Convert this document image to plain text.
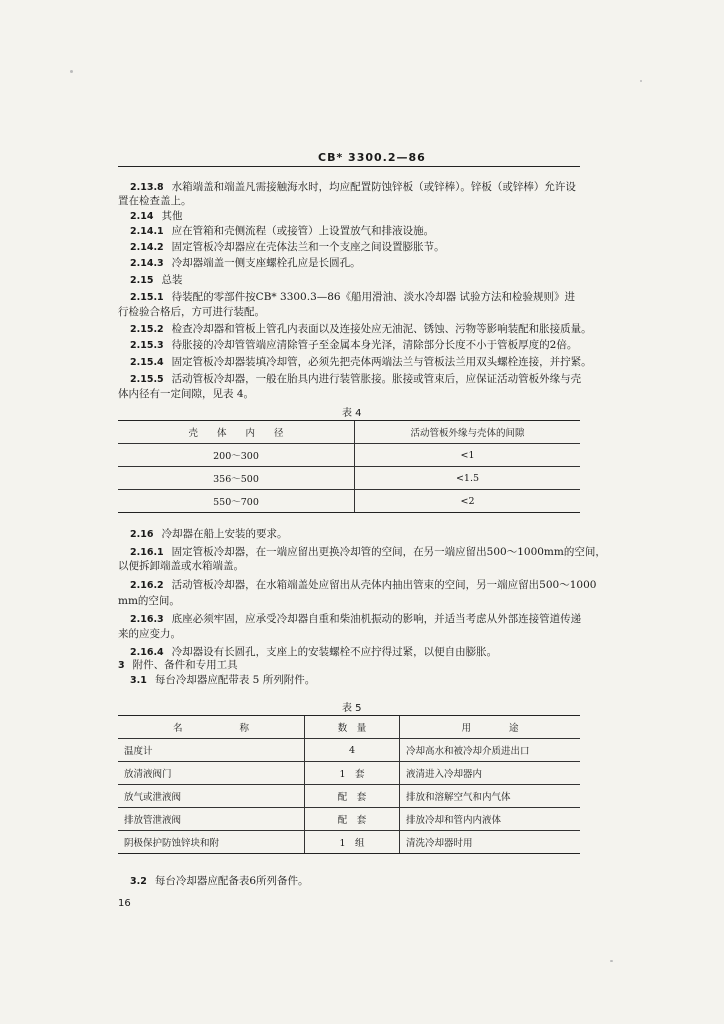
CB* 3300.2—86
2.13.8 水箱端盖和端盖凡需接触海水时，均应配置防蚀锌板（或锌棒）。锌板（或锌棒）允许设
置在检查盖上。
2.14 其他
2.14.1 应在管箱和壳侧流程（或接管）上设置放气和排液设施。
2.14.2 固定管板冷却器应在壳体法兰和一个支座之间设置膨胀节。
2.14.3 冷却器端盖一侧支座螺栓孔应是长圆孔。
2.15 总装
2.15.1 待装配的零部件按CB* 3300.3—86《船用滑油、淡水冷却器 试验方法和检验规则》进
行检验合格后，方可进行装配。
2.15.2 检查冷却器和管板上管孔内表面以及连接处应无油泥、锈蚀、污物等影响装配和胀接质量。
2.15.3 待胀接的冷却管管端应清除管子至金属本身光泽，清除部分长度不小于管板厚度的2倍。
2.15.4 固定管板冷却器装填冷却管，必须先把壳体两端法兰与管板法兰用双头螺栓连接，并拧紧。
2.15.5 活动管板冷却器，一般在胎具内进行装管胀接。胀接或管束后，应保证活动管板外缘与壳
体内径有一定间隙，见表 4。
表 4
壳　　体　　内　　径	活动管板外缘与壳体的间隙
200～300	<1
356～500	<1.5
550～700	<2
2.16 冷却器在船上安装的要求。
2.16.1 固定管板冷却器，在一端应留出更换冷却管的空间，在另一端应留出500～1000mm的空间，
以便拆卸端盖或水箱端盖。
2.16.2 活动管板冷却器，在水箱端盖处应留出从壳体内抽出管束的空间，另一端应留出500～1000
mm的空间。
2.16.3 底座必须牢固，应承受冷却器自重和柴油机振动的影响，并适当考虑从外部连接管道传递
来的应变力。
2.16.4 冷却器设有长圆孔，支座上的安装螺栓不应拧得过紧，以便自由膨胀。
3 附件、备件和专用工具
3.1 每台冷却器应配带表 5 所列附件。
表 5
名　　　　　　称	数　量	用　　　　途
温度计	4	冷却高水和被冷却介质进出口
放清液阀门	1　套	液清进入冷却器内
放气或泄液阀	配　套	排放和溶解空气和内气体
排放管泄液阀	配　套	排放冷却和管内内液体
阴极保护防蚀锌块和附	1　组	清洗冷却器时用
3.2 每台冷却器应配备表6所列备件。
16
